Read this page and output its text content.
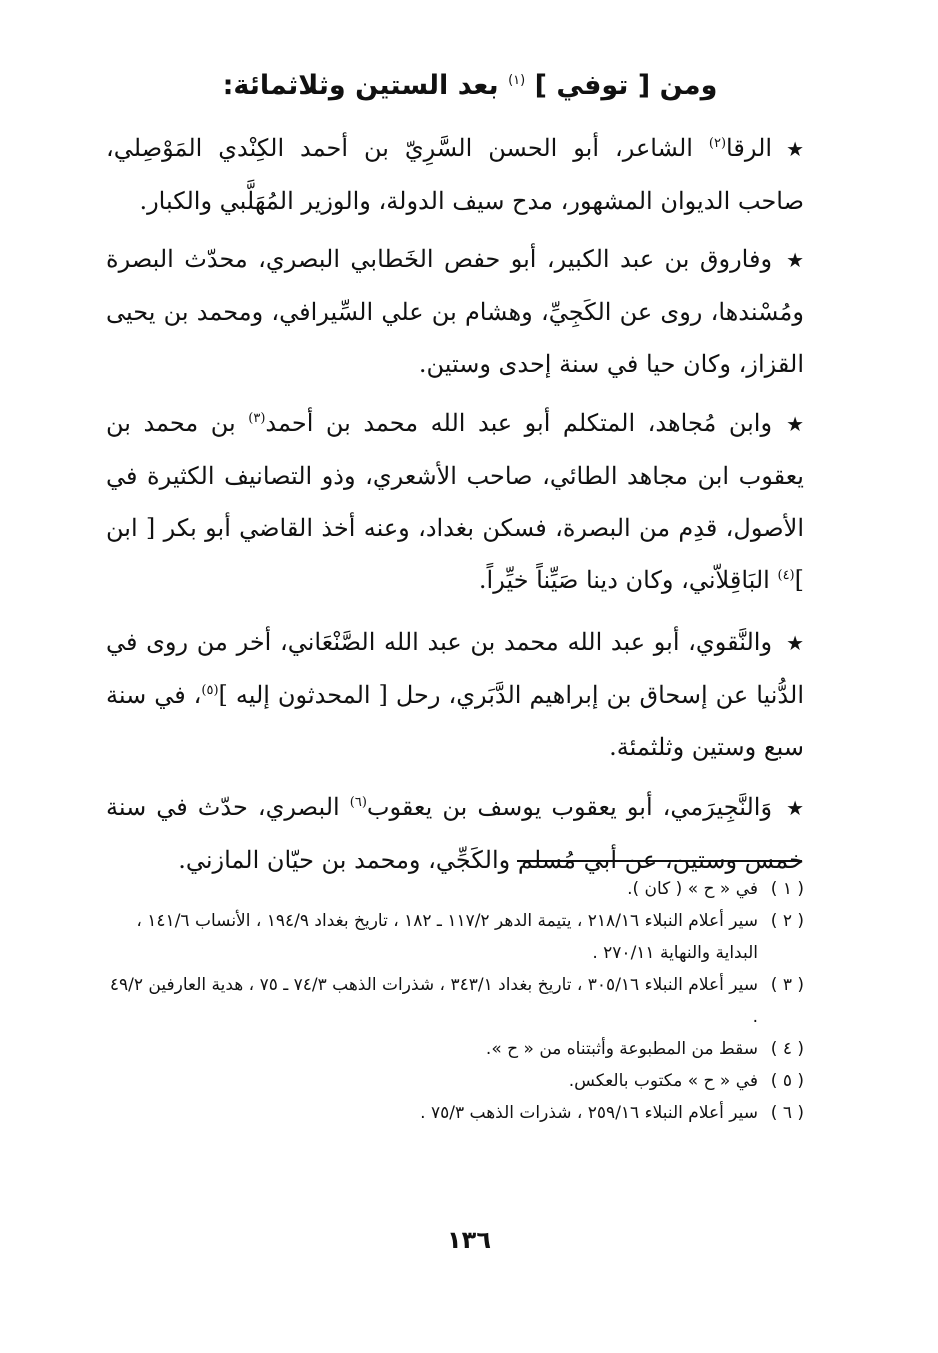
ومن [ توفي ] $^{(١)}$ بعد الستين وثلاثمائة:

★الرقا$^{(٢)}$ الشاعر، أبو الحسن السَّرِيّ بن أحمد الكِنْدي المَوْصِلي، صاحب الديوان المشهور، مدح سيف الدولة، والوزير المُهَلَّبي والكبار.

★وفاروق بن عبد الكبير، أبو حفص الخَطابي البصري، محدّث البصرة ومُسْندها، روى عن الكَجِيِّ، وهشام بن علي السِّيرافي، ومحمد بن يحيى القزاز، وكان حيا في سنة إحدى وستين.

★وابن مُجاهد، المتكلم أبو عبد الله محمد بن أحمد$^{(٣)}$ بن محمد بن يعقوب ابن مجاهد الطائي، صاحب الأشعري، وذو التصانيف الكثيرة في الأصول، قدِم من البصرة، فسكن بغداد، وعنه أخذ القاضي أبو بكر [ ابن ]$^{(٤)}$ البَاقِلاّني، وكان دينا صَيِّناً خيِّراً.

★والنَّقوي، أبو عبد الله محمد بن عبد الله الصَّنْعَاني، أخر من روى في الدُّنيا عن إسحاق بن إبراهيم الدَّبَري، رحل [ المحدثون إليه ]$^{(٥)}$، في سنة سبع وستين وثلثمئة.

★وَالنَّجِيرَمي، أبو يعقوب يوسف بن يعقوب$^{(٦)}$ البصري، حدّث في سنة خمس وستين، عن أبي مُسلم والكَجِّي، ومحمد بن حيّان المازني.

( ١ )
في « ح » ( كان ).
( ٢ )
سير أعلام النبلاء ٢١٨/١٦ ، يتيمة الدهر ١١٧/٢ ـ ١٨٢ ، تاريخ بغداد ١٩٤/٩ ، الأنساب ١٤١/٦ ، البداية والنهاية ٢٧٠/١١ .
( ٣ )
سير أعلام النبلاء ٣٠٥/١٦ ، تاريخ بغداد ٣٤٣/١ ، شذرات الذهب ٧٤/٣ ـ ٧٥ ، هدية العارفين ٤٩/٢ .
( ٤ )
سقط من المطبوعة وأثبتناه من « ح ».
( ٥ )
في « ح » مكتوب بالعكس.
( ٦ )
سير أعلام النبلاء ٢٥٩/١٦ ، شذرات الذهب ٧٥/٣ .
١٣٦
